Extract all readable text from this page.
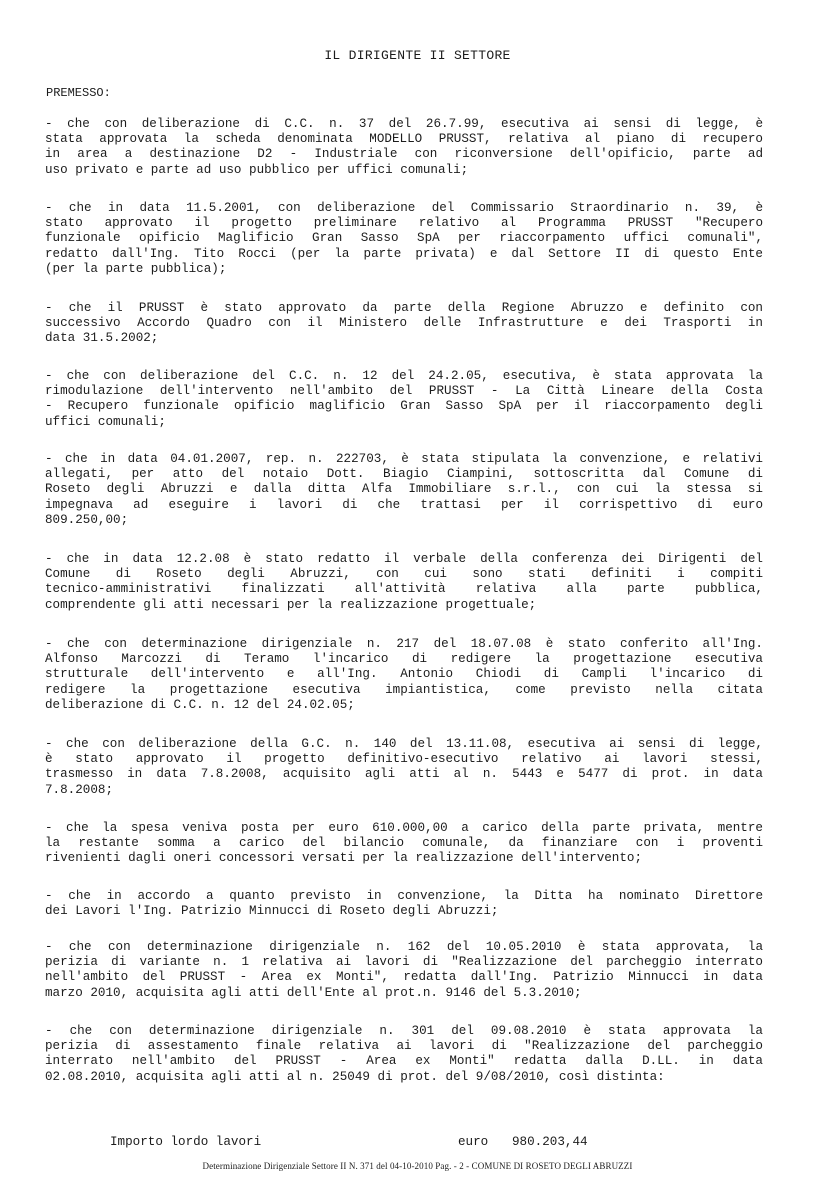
IL DIRIGENTE II SETTORE
PREMESSO:
- che con deliberazione di C.C. n. 37 del 26.7.99, esecutiva ai sensi di legge, è
stata approvata la scheda denominata MODELLO PRUSST, relativa al piano di recupero
in area a destinazione D2 - Industriale con riconversione dell'opificio, parte ad
uso privato e parte ad uso pubblico per uffici comunali;
- che in data 11.5.2001, con deliberazione del Commissario Straordinario n. 39, è
stato approvato il progetto preliminare relativo al Programma PRUSST "Recupero
funzionale opificio Maglificio Gran Sasso SpA per riaccorpamento uffici comunali",
redatto dall'Ing. Tito Rocci (per la parte privata) e dal Settore II di questo Ente
(per la parte pubblica);
- che il PRUSST è stato approvato da parte della Regione Abruzzo e definito con
successivo Accordo Quadro con il Ministero delle Infrastrutture e dei Trasporti in
data 31.5.2002;
- che con deliberazione del C.C. n. 12 del 24.2.05, esecutiva, è stata approvata la
rimodulazione dell'intervento nell'ambito del PRUSST - La Città Lineare della Costa
- Recupero funzionale opificio maglificio Gran Sasso SpA per il riaccorpamento degli
uffici comunali;
- che in data 04.01.2007, rep. n. 222703, è stata stipulata la convenzione, e relativi
allegati, per atto del notaio Dott. Biagio Ciampini, sottoscritta dal Comune di
Roseto degli Abruzzi e dalla ditta Alfa Immobiliare s.r.l., con cui la stessa si
impegnava ad eseguire i lavori di che trattasi per il corrispettivo di euro
809.250,00;
- che in data 12.2.08 è stato redatto il verbale della conferenza dei Dirigenti del
Comune di Roseto degli Abruzzi, con cui sono stati definiti i compiti
tecnico-amministrativi finalizzati all'attività relativa alla parte pubblica,
comprendente gli atti necessari per la realizzazione progettuale;
- che con determinazione dirigenziale n. 217 del 18.07.08 è stato conferito all'Ing.
Alfonso Marcozzi di Teramo l'incarico di redigere la progettazione esecutiva
strutturale dell'intervento e all'Ing. Antonio Chiodi di Campli l'incarico di
redigere la progettazione esecutiva impiantistica, come previsto nella citata
deliberazione di C.C. n. 12 del 24.02.05;
- che con deliberazione della G.C. n. 140 del 13.11.08, esecutiva ai sensi di legge,
è stato approvato il progetto definitivo-esecutivo relativo ai lavori stessi,
trasmesso in data 7.8.2008, acquisito agli atti al n. 5443 e 5477 di prot. in data
7.8.2008;
- che la spesa veniva posta per euro 610.000,00 a carico della parte privata, mentre
la restante somma a carico del bilancio comunale, da finanziare con i proventi
rivenienti dagli oneri concessori versati per la realizzazione dell'intervento;
- che in accordo a quanto previsto in convenzione, la Ditta ha nominato Direttore
dei Lavori l'Ing. Patrizio Minnucci di Roseto degli Abruzzi;
- che con determinazione dirigenziale n. 162 del 10.05.2010 è stata approvata, la
perizia di variante n. 1 relativa ai lavori di "Realizzazione del parcheggio interrato
nell'ambito del PRUSST - Area ex Monti", redatta dall'Ing. Patrizio Minnucci in data
marzo 2010, acquisita agli atti dell'Ente al prot.n. 9146 del 5.3.2010;
- che con determinazione dirigenziale n. 301 del 09.08.2010 è stata approvata la
perizia di assestamento finale relativa ai lavori di "Realizzazione del parcheggio
interrato nell'ambito del PRUSST - Area ex Monti" redatta dalla D.LL. in data
02.08.2010, acquisita agli atti al n. 25049 di prot. del 9/08/2010, così distinta:
Importo lordo lavori	euro 980.203,44
Determinazione Dirigenziale Settore II N. 371 del 04-10-2010 Pag. - 2 - COMUNE DI ROSETO DEGLI ABRUZZI
